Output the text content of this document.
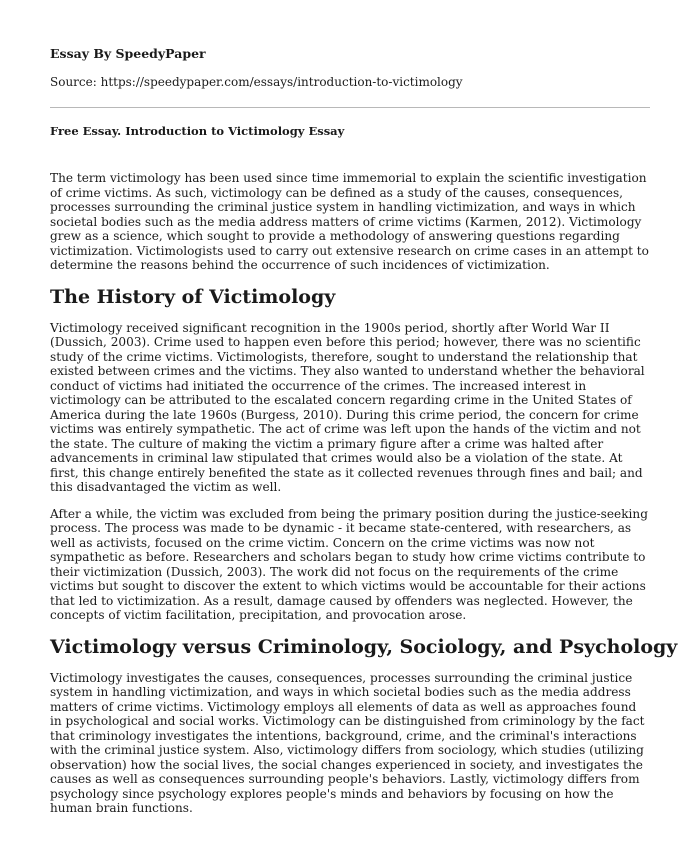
Essay By SpeedyPaper

Source: https://speedypaper.com/essays/introduction-to-victimology

Free Essay. Introduction to Victimology Essay

The term victimology has been used since time immemorial to explain the scientific investigation of crime victims. As such, victimology can be defined as a study of the causes, consequences, processes surrounding the criminal justice system in handling victimization, and ways in which societal bodies such as the media address matters of crime victims (Karmen, 2012). Victimology grew as a science, which sought to provide a methodology of answering questions regarding victimization. Victimologists used to carry out extensive research on crime cases in an attempt to determine the reasons behind the occurrence of such incidences of victimization.

The History of Victimology

Victimology received significant recognition in the 1900s period, shortly after World War II (Dussich, 2003). Crime used to happen even before this period; however, there was no scientific study of the crime victims. Victimologists, therefore, sought to understand the relationship that existed between crimes and the victims. They also wanted to understand whether the behavioral conduct of victims had initiated the occurrence of the crimes. The increased interest in victimology can be attributed to the escalated concern regarding crime in the United States of America during the late 1960s (Burgess, 2010). During this crime period, the concern for crime victims was entirely sympathetic. The act of crime was left upon the hands of the victim and not the state. The culture of making the victim a primary figure after a crime was halted after advancements in criminal law stipulated that crimes would also be a violation of the state. At first, this change entirely benefited the state as it collected revenues through fines and bail; and this disadvantaged the victim as well.

After a while, the victim was excluded from being the primary position during the justice-seeking process. The process was made to be dynamic - it became state-centered, with researchers, as well as activists, focused on the crime victim. Concern on the crime victims was now not sympathetic as before. Researchers and scholars began to study how crime victims contribute to their victimization (Dussich, 2003). The work did not focus on the requirements of the crime victims but sought to discover the extent to which victims would be accountable for their actions that led to victimization. As a result, damage caused by offenders was neglected. However, the concepts of victim facilitation, precipitation, and provocation arose.

Victimology versus Criminology, Sociology, and Psychology

Victimology investigates the causes, consequences, processes surrounding the criminal justice system in handling victimization, and ways in which societal bodies such as the media address matters of crime victims. Victimology employs all elements of data as well as approaches found in psychological and social works. Victimology can be distinguished from criminology by the fact that criminology investigates the intentions, background, crime, and the criminal's interactions with the criminal justice system. Also, victimology differs from sociology, which studies (utilizing observation) how the social lives, the social changes experienced in society, and investigates the causes as well as consequences surrounding people's behaviors. Lastly, victimology differs from psychology since psychology explores people's minds and behaviors by focusing on how the human brain functions.
